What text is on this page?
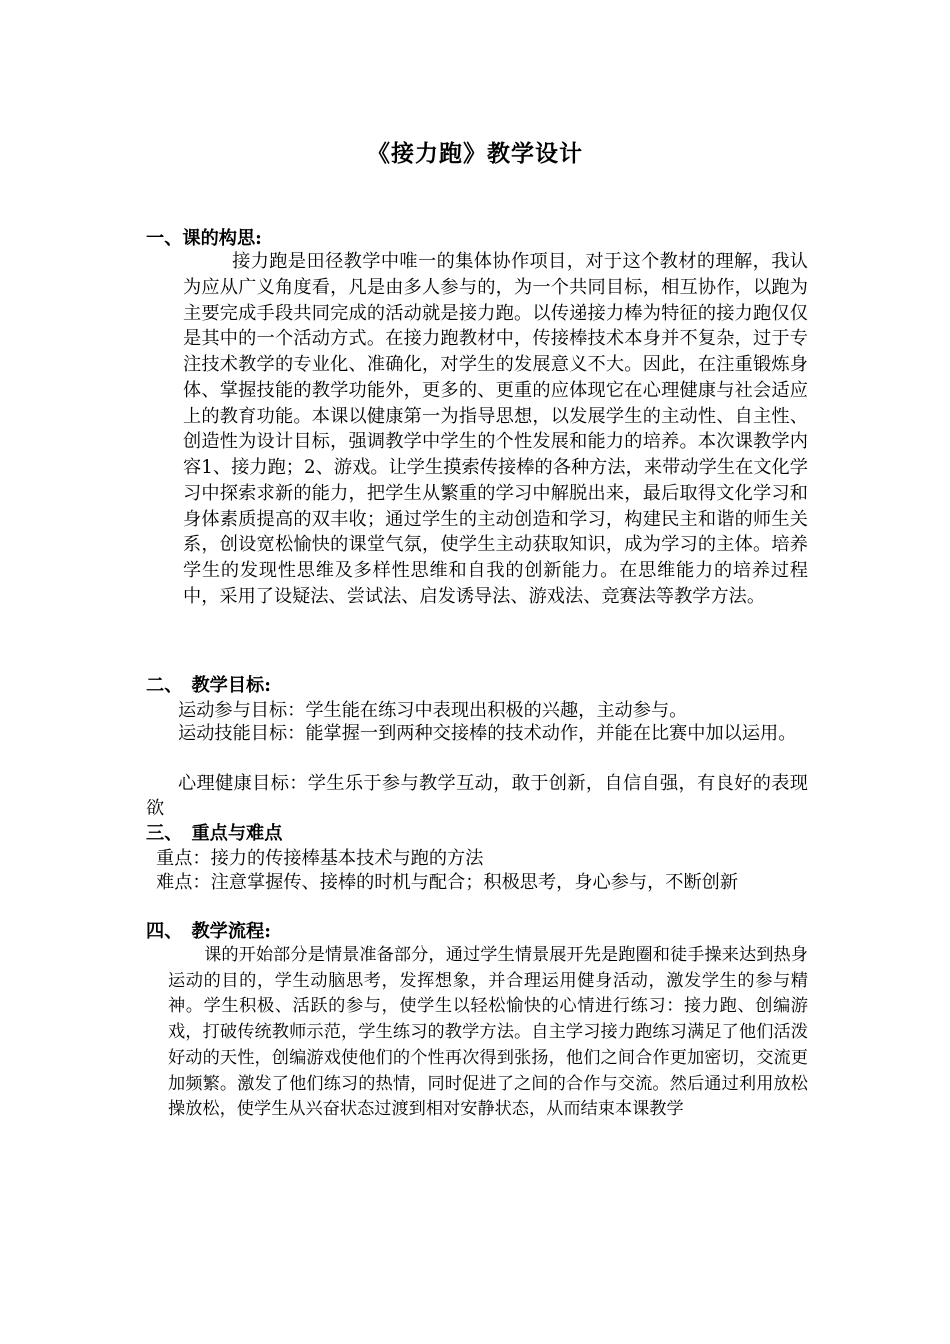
《接力跑》教学设计
一、课的构思:
接力跑是田径教学中唯一的集体协作项目，对于这个教材的理解，我认为应从广义角度看，凡是由多人参与的，为一个共同目标，相互协作，以跑为主要完成手段共同完成的活动就是接力跑。以传递接力棒为特征的接力跑仅仅是其中的一个活动方式。在接力跑教材中，传接棒技术本身并不复杂，过于专注技术教学的专业化、准确化，对学生的发展意义不大。因此，在注重锻炼身体、掌握技能的教学功能外，更多的、更重的应体现它在心理健康与社会适应上的教育功能。本课以健康第一为指导思想，以发展学生的主动性、自主性、创造性为设计目标，强调教学中学生的个性发展和能力的培养。本次课教学内容1、接力跑；2、游戏。让学生摸索传接棒的各种方法，来带动学生在文化学习中探索求新的能力，把学生从繁重的学习中解脱出来，最后取得文化学习和身体素质提高的双丰收；通过学生的主动创造和学习，构建民主和谐的师生关系，创设宽松愉快的课堂气氛，使学生主动获取知识，成为学习的主体。培养学生的发现性思维及多样性思维和自我的创新能力。在思维能力的培养过程中，采用了设疑法、尝试法、启发诱导法、游戏法、竞赛法等教学方法。
二、　教学目标:
运动参与目标：学生能在练习中表现出积极的兴趣，主动参与。
运动技能目标：能掌握一到两种交接棒的技术动作，并能在比赛中加以运用。
心理健康目标：学生乐于参与教学互动，敢于创新，自信自强，有良好的表现欲
三、　重点与难点
重点：接力的传接棒基本技术与跑的方法
难点：注意掌握传、接棒的时机与配合；积极思考，身心参与，不断创新
四、　教学流程:
课的开始部分是情景准备部分，通过学生情景展开先是跑圈和徒手操来达到热身运动的目的，学生动脑思考，发挥想象，并合理运用健身活动，激发学生的参与精神。学生积极、活跃的参与，使学生以轻松愉快的心情进行练习：接力跑、创编游戏，打破传统教师示范，学生练习的教学方法。自主学习接力跑练习满足了他们活泼好动的天性，创编游戏使他们的个性再次得到张扬，他们之间合作更加密切，交流更加频繁。激发了他们练习的热情，同时促进了之间的合作与交流。然后通过利用放松操放松，使学生从兴奋状态过渡到相对安静状态，从而结束本课教学
